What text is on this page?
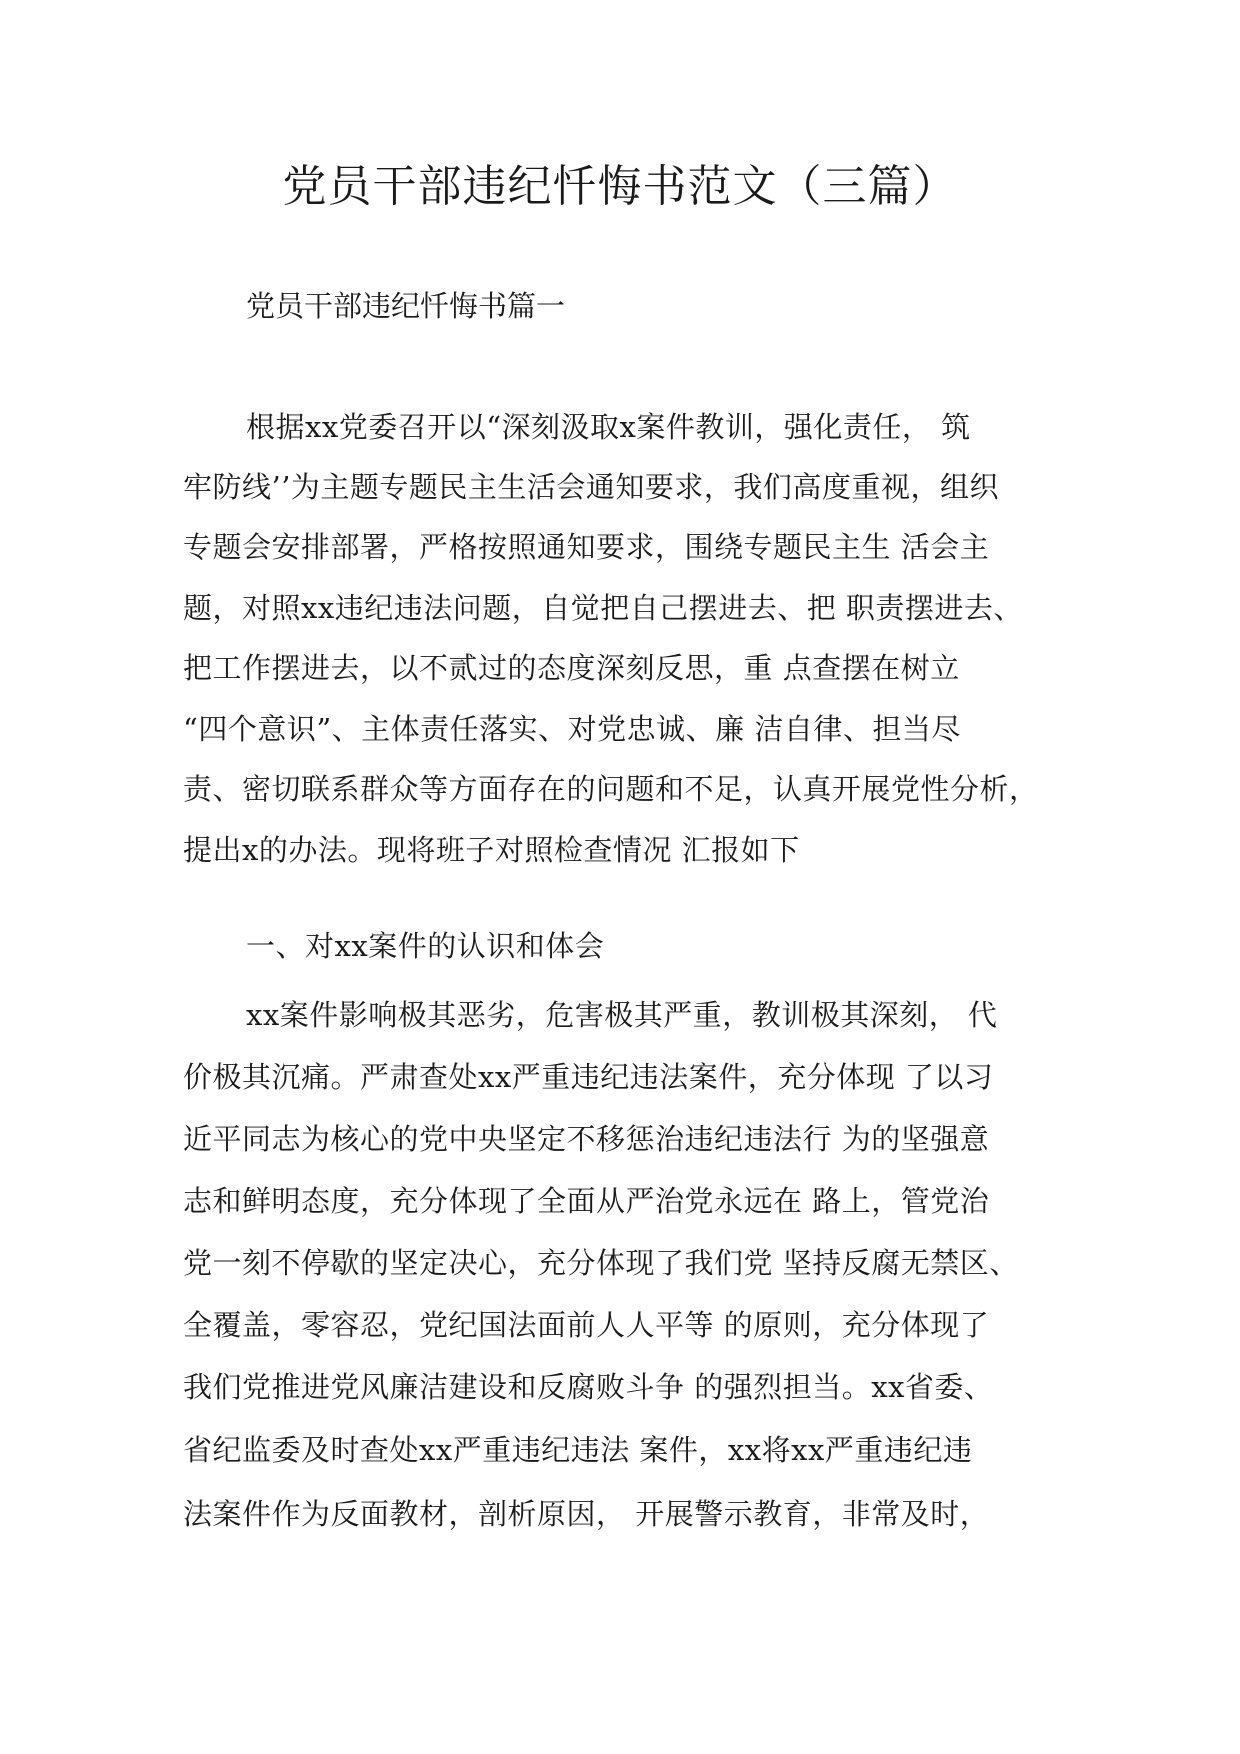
党员干部违纪忏悔书范文（三篇）
党员干部违纪忏悔书篇一
根据xx党委召开以“深刻汲取x案件教训，强化责任， 筑
牢防线’’为主题专题民主生活会通知要求，我们高度重视，组织
专题会安排部署，严格按照通知要求，围绕专题民主生 活会主
题，对照xx违纪违法问题，自觉把自己摆进去、把 职责摆进去、
把工作摆进去，以不贰过的态度深刻反思，重 点查摆在树立
“四个意识”、主体责任落实、对党忠诚、廉 洁自律、担当尽
责、密切联系群众等方面存在的问题和不足，认真开展党性分析，
提出x的办法。现将班子对照检查情况 汇报如下
一、对xx案件的认识和体会
xx案件影响极其恶劣，危害极其严重，教训极其深刻， 代
价极其沉痛。严肃查处xx严重违纪违法案件，充分体现 了以习
近平同志为核心的党中央坚定不移惩治违纪违法行 为的坚强意
志和鲜明态度，充分体现了全面从严治党永远在 路上，管党治
党一刻不停歇的坚定决心，充分体现了我们党 坚持反腐无禁区、
全覆盖，零容忍，党纪国法面前人人平等 的原则，充分体现了
我们党推进党风廉洁建设和反腐败斗争 的强烈担当。xx省委、
省纪监委及时查处xx严重违纪违法 案件，xx将xx严重违纪违
法案件作为反面教材，剖析原因， 开展警示教育，非常及时，
